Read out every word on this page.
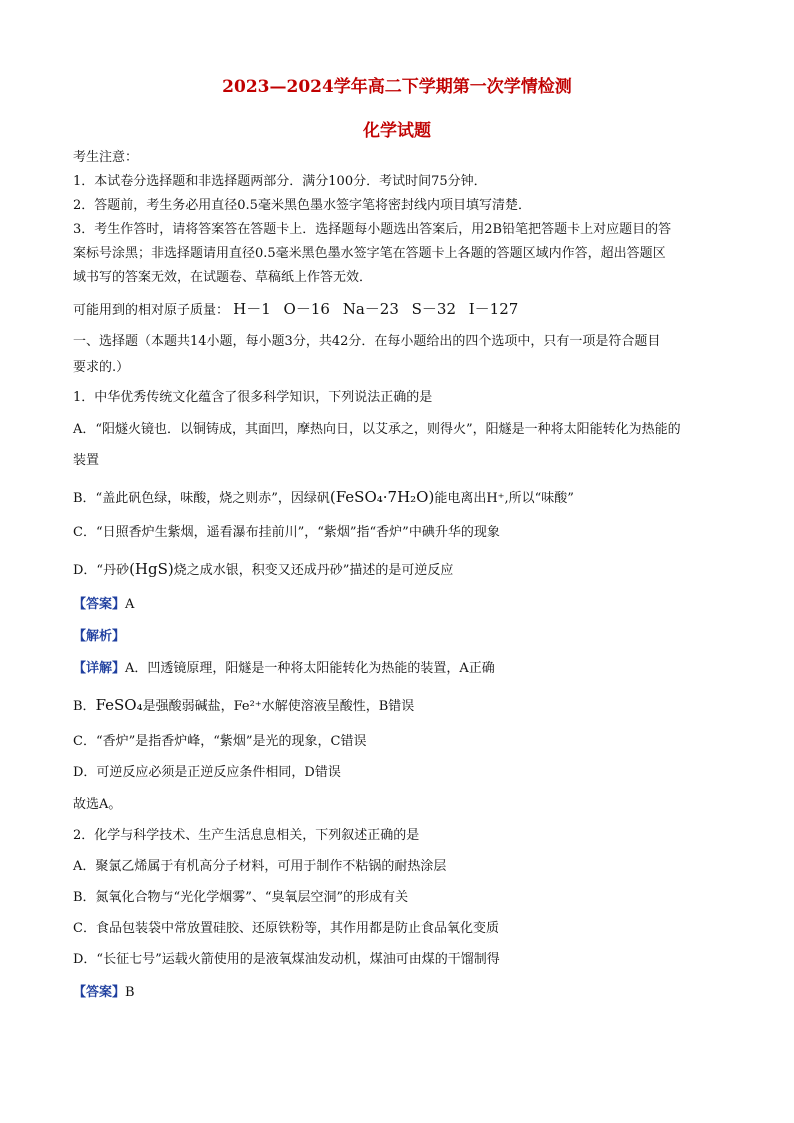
2023—2024学年高二下学期第一次学情检测
化学试题
考生注意：
1．本试卷分选择题和非选择题两部分．满分100分．考试时间75分钟．
2．答题前，考生务必用直径0.5毫米黑色墨水签字笔将密封线内项目填写清楚．
3．考生作答时，请将答案答在答题卡上．选择题每小题选出答案后，用2B铅笔把答题卡上对应题目的答
案标号涂黑；非选择题请用直径0.5毫米黑色墨水签字笔在答题卡上各题的答题区域内作答，超出答题区
域书写的答案无效，在试题卷、草稿纸上作答无效．
可能用到的相对原子质量： H－1 O－16 Na－23 S－32 I－127
一、选择题（本题共14小题，每小题3分，共42分．在每小题给出的四个选项中，只有一项是符合题目
要求的.）
1．中华优秀传统文化蕴含了很多科学知识，下列说法正确的是
A．“阳燧火镜也．以铜铸成，其面凹，摩热向日，以艾承之，则得火”，阳燧是一种将太阳能转化为热能的
装置
B．“盖此矾色绿，味酸，烧之则赤”，因绿矾(FeSO₄·7H₂O)能电离出H⁺,所以“味酸”
C．“日照香炉生紫烟，遥看瀑布挂前川”，“紫烟”指“香炉”中碘升华的现象
D．“丹砂(HgS)烧之成水银，积变又还成丹砂”描述的是可逆反应
【答案】A
【解析】
【详解】A．凹透镜原理，阳燧是一种将太阳能转化为热能的装置，A正确
B．FeSO₄是强酸弱碱盐，Fe²⁺水解使溶液呈酸性，B错误
C．“香炉”是指香炉峰，“紫烟”是光的现象，C错误
D．可逆反应必须是正逆反应条件相同，D错误
故选A。
2．化学与科学技术、生产生活息息相关，下列叙述正确的是
A．聚氯乙烯属于有机高分子材料，可用于制作不粘锅的耐热涂层
B．氮氧化合物与“光化学烟雾”、“臭氧层空洞”的形成有关
C．食品包装袋中常放置硅胶、还原铁粉等，其作用都是防止食品氧化变质
D．“长征七号”运载火箭使用的是液氧煤油发动机，煤油可由煤的干馏制得
【答案】B
